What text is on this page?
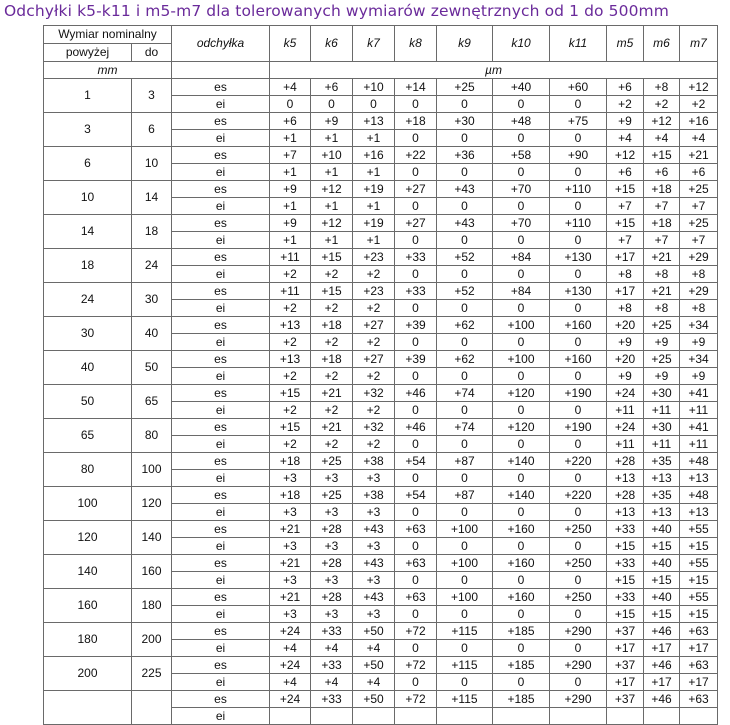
Odchyłki k5-k11 i m5-m7 dla tolerowanych wymiarów zewnętrznych od 1 do 500mm
Wymiar nominalny		odchyłka	k5	k6	k7	k8	k9	k10	k11	m5	m6	m7
powyżej	do											
mm			µm									
1	3	es	+4	+6	+10	+14	+25	+40	+60	+6	+8	+12
		ei	0	0	0	0	0	0	0	+2	+2	+2
3	6	es	+6	+9	+13	+18	+30	+48	+75	+9	+12	+16
		ei	+1	+1	+1	0	0	0	0	+4	+4	+4
6	10	es	+7	+10	+16	+22	+36	+58	+90	+12	+15	+21
		ei	+1	+1	+1	0	0	0	0	+6	+6	+6
10	14	es	+9	+12	+19	+27	+43	+70	+110	+15	+18	+25
		ei	+1	+1	+1	0	0	0	0	+7	+7	+7
14	18	es	+9	+12	+19	+27	+43	+70	+110	+15	+18	+25
		ei	+1	+1	+1	0	0	0	0	+7	+7	+7
18	24	es	+11	+15	+23	+33	+52	+84	+130	+17	+21	+29
		ei	+2	+2	+2	0	0	0	0	+8	+8	+8
24	30	es	+11	+15	+23	+33	+52	+84	+130	+17	+21	+29
		ei	+2	+2	+2	0	0	0	0	+8	+8	+8
30	40	es	+13	+18	+27	+39	+62	+100	+160	+20	+25	+34
		ei	+2	+2	+2	0	0	0	0	+9	+9	+9
40	50	es	+13	+18	+27	+39	+62	+100	+160	+20	+25	+34
		ei	+2	+2	+2	0	0	0	0	+9	+9	+9
50	65	es	+15	+21	+32	+46	+74	+120	+190	+24	+30	+41
		ei	+2	+2	+2	0	0	0	0	+11	+11	+11
65	80	es	+15	+21	+32	+46	+74	+120	+190	+24	+30	+41
		ei	+2	+2	+2	0	0	0	0	+11	+11	+11
80	100	es	+18	+25	+38	+54	+87	+140	+220	+28	+35	+48
		ei	+3	+3	+3	0	0	0	0	+13	+13	+13
100	120	es	+18	+25	+38	+54	+87	+140	+220	+28	+35	+48
		ei	+3	+3	+3	0	0	0	0	+13	+13	+13
120	140	es	+21	+28	+43	+63	+100	+160	+250	+33	+40	+55
		ei	+3	+3	+3	0	0	0	0	+15	+15	+15
140	160	es	+21	+28	+43	+63	+100	+160	+250	+33	+40	+55
		ei	+3	+3	+3	0	0	0	0	+15	+15	+15
160	180	es	+21	+28	+43	+63	+100	+160	+250	+33	+40	+55
		ei	+3	+3	+3	0	0	0	0	+15	+15	+15
180	200	es	+24	+33	+50	+72	+115	+185	+290	+37	+46	+63
		ei	+4	+4	+4	0	0	0	0	+17	+17	+17
200	225	es	+24	+33	+50	+72	+115	+185	+290	+37	+46	+63
		ei	+4	+4	+4	0	0	0	0	+17	+17	+17
		es	+24	+33	+50	+72	+115	+185	+290	+37	+46	+63
		ei										
